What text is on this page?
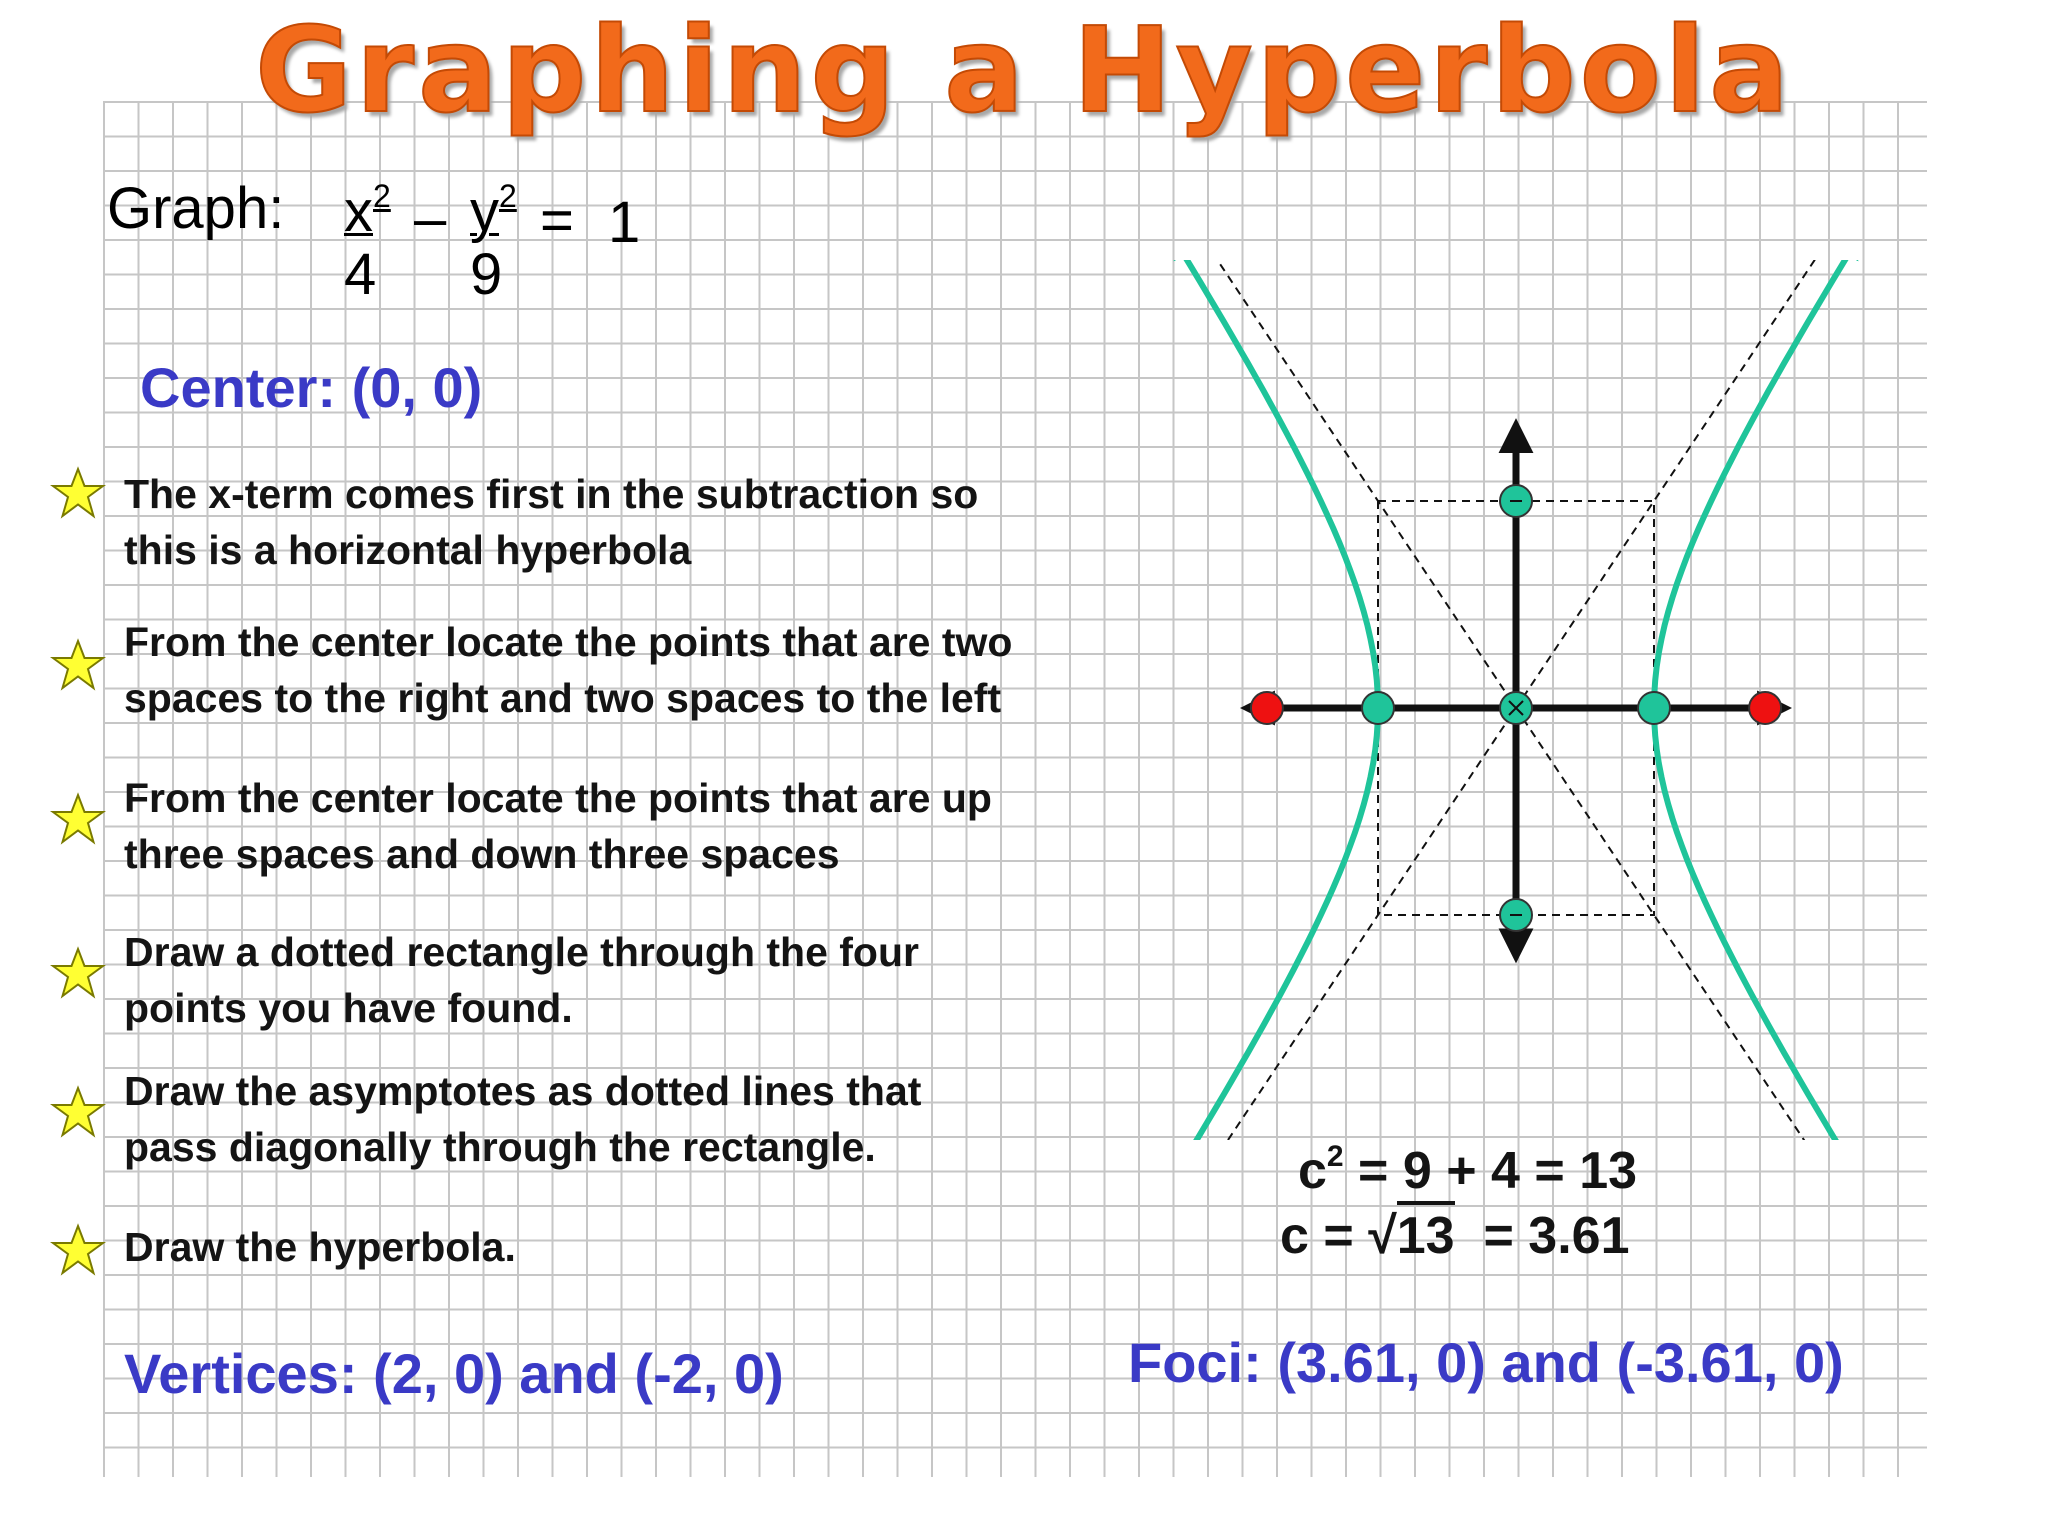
Graphing a Hyperbola
Graph: $x^2$
4
– $y^2$
9
= 1
Center: (0, 0)
The x-term comes first in the subtraction so
this is a horizontal hyperbola
From the center locate the points that are two
spaces to the right and two spaces to the left
From the center locate the points that are up
three spaces and down three spaces
Draw a dotted rectangle through the four
points you have found.
Draw the asymptotes as dotted lines that
pass diagonally through the rectangle.
Draw the hyperbola.
Vertices: (2, 0) and (-2, 0)
$c^2 = 9 + 4 = 13$
c = √13  = 3.61
Foci: (3.61, 0) and (-3.61, 0)
